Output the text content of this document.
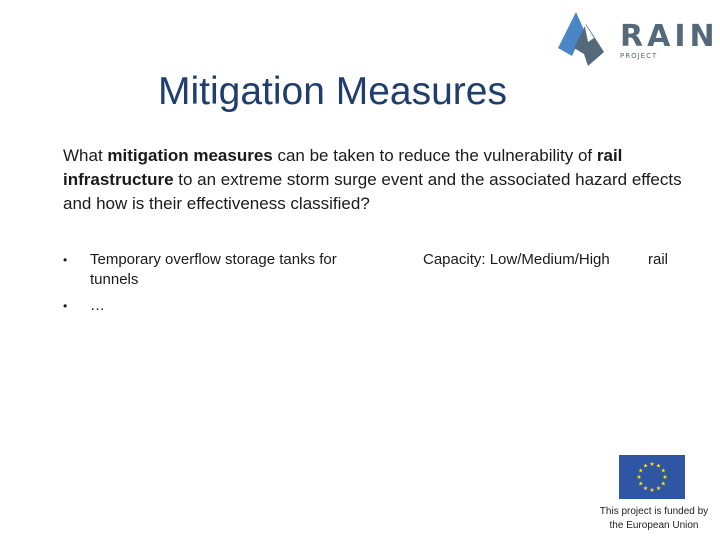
RAIN
PROJECT
Mitigation Measures
What mitigation measures can be taken to reduce the vulnerability of rail infrastructure to an extreme storm surge event and the associated hazard effects and how is their effectiveness classified?
• Temporary overflow storage tanks for tunnels
• …
Capacity: Low/Medium/High	rail
This project is funded by the European Union
